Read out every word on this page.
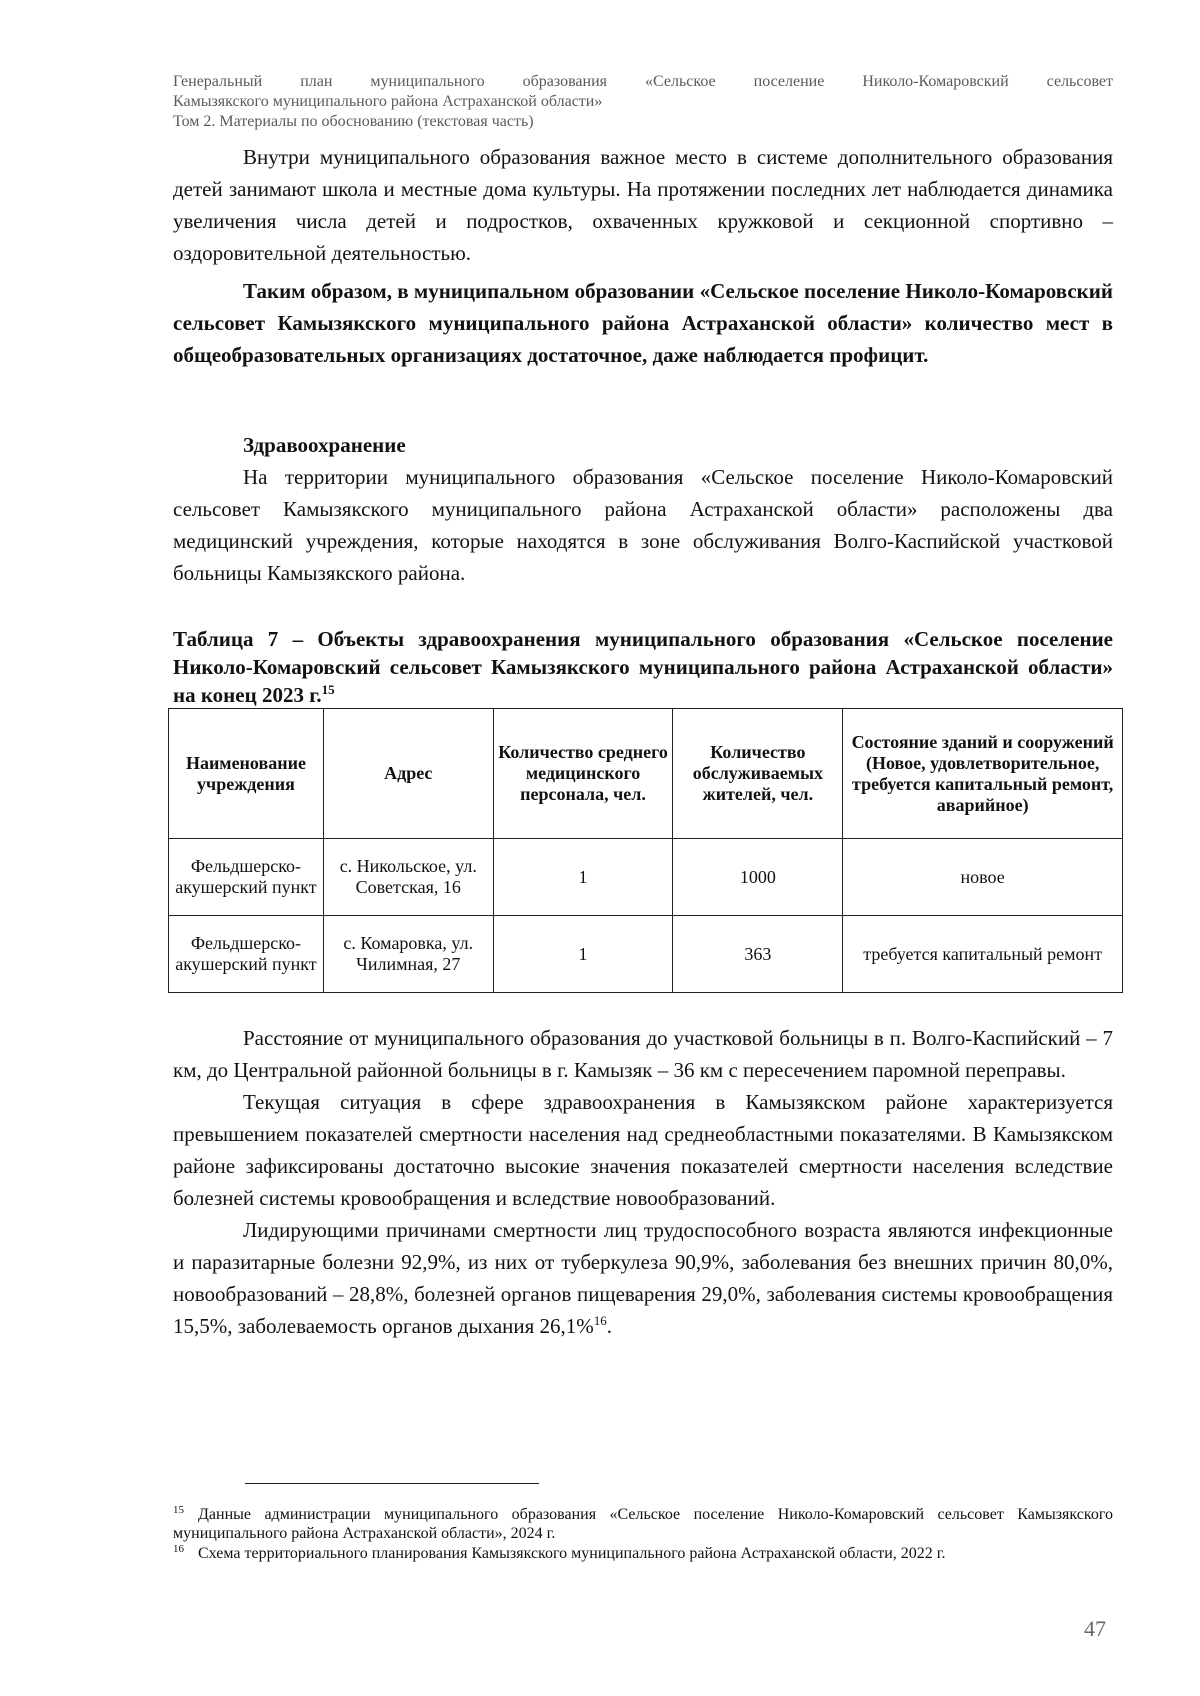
Генеральный план муниципального образования «Сельское поселение Николо-Комаровский сельсовет
Камызякского муниципального района Астраханской области»
Том 2. Материалы по обоснованию (текстовая часть)

Внутри муниципального образования важное место в системе дополнительного образования детей занимают школа и местные дома культуры. На протяжении последних лет наблюдается динамика увеличения числа детей и подростков, охваченных кружковой и секционной спортивно –оздоровительной деятельностью.

Таким образом, в муниципальном образовании «Сельское поселение Николо-Комаровский сельсовет Камызякского муниципального района Астраханской области» количество мест в общеобразовательных организациях достаточное, даже наблюдается профицит.

Здравоохранение

На территории муниципального образования «Сельское поселение Николо-Комаровский сельсовет Камызякского муниципального района Астраханской области» расположены два медицинский учреждения, которые находятся в зоне обслуживания Волго-Каспийской участковой больницы Камызякского района.

Таблица 7 – Объекты здравоохранения муниципального образования «Сельское поселение Николо-Комаровский сельсовет Камызякского муниципального района Астраханской области» на конец 2023 г.$^{15}$
Наименование учреждения	Адрес	Количество среднего медицинского персонала, чел.	Количество обслуживаемых жителей, чел.	Состояние зданий и сооружений (Новое, удовлетворительное, требуется капитальный ремонт, аварийное)
Фельдшерско-акушерский пункт	с. Никольское, ул. Советская, 16	1	1000	новое
Фельдшерско-акушерский пункт	с. Комаровка, ул. Чилимная, 27	1	363	требуется капитальный ремонт

Расстояние от муниципального образования до участковой больницы в п. Волго-Каспийский – 7 км, до Центральной районной больницы в г. Камызяк – 36 км с пересечением паромной переправы.

Текущая ситуация в сфере здравоохранения в Камызякском районе характеризуется превышением показателей смертности населения над среднеобластными показателями. В Камызякском районе зафиксированы достаточно высокие значения показателей смертности населения вследствие болезней системы кровообращения и вследствие новообразований.

Лидирующими причинами смертности лиц трудоспособного возраста являются инфекционные и паразитарные болезни 92,9%, из них от туберкулеза 90,9%, заболевания без внешних причин 80,0%, новообразований – 28,8%, болезней органов пищеварения 29,0%, заболевания системы кровообращения 15,5%, заболеваемость органов дыхания 26,1%$^{16}$.

$^{15}$ Данные администрации муниципального образования «Сельское поселение Николо-Комаровский сельсовет Камызякского муниципального района Астраханской области», 2024 г.

$^{16}$ Схема территориального планирования Камызякского муниципального района Астраханской области, 2022 г.

47
